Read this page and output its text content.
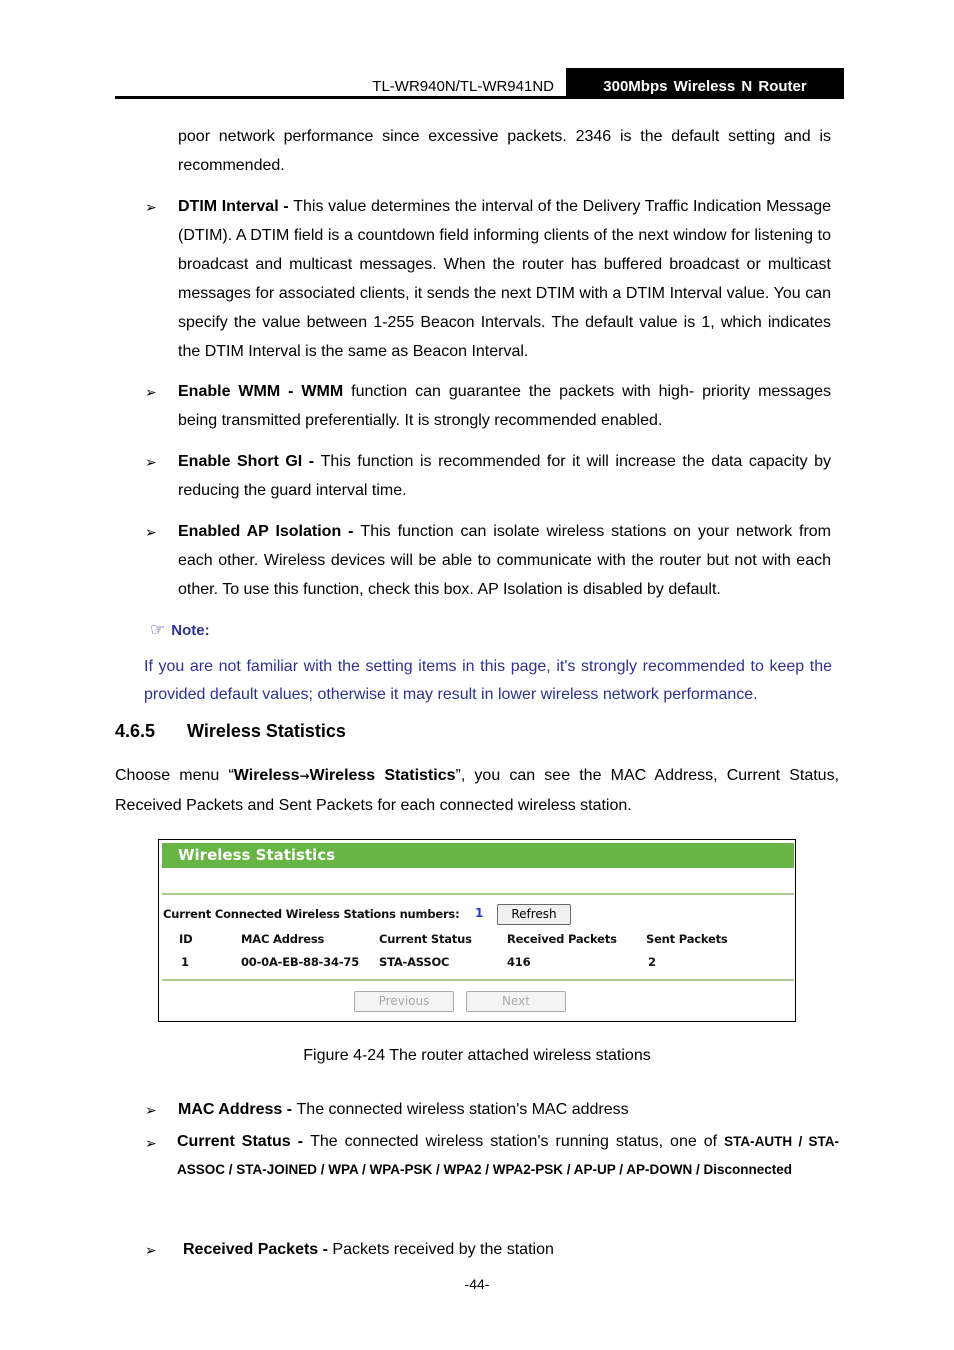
TL-WR940N/TL-WR941ND	300Mbps Wireless N Router
poor network performance since excessive packets. 2346 is the default setting and is recommended.
➢ DTIM Interval - This value determines the interval of the Delivery Traffic Indication Message (DTIM). A DTIM field is a countdown field informing clients of the next window for listening to broadcast and multicast messages. When the router has buffered broadcast or multicast messages for associated clients, it sends the next DTIM with a DTIM Interval value. You can specify the value between 1-255 Beacon Intervals. The default value is 1, which indicates the DTIM Interval is the same as Beacon Interval.
➢ Enable WMM - WMM function can guarantee the packets with high- priority messages being transmitted preferentially. It is strongly recommended enabled.
➢ Enable Short GI - This function is recommended for it will increase the data capacity by reducing the guard interval time.
➢ Enabled AP Isolation - This function can isolate wireless stations on your network from each other. Wireless devices will be able to communicate with the router but not with each other. To use this function, check this box. AP Isolation is disabled by default.
☞ Note:
If you are not familiar with the setting items in this page, it's strongly recommended to keep the provided default values; otherwise it may result in lower wireless network performance.
4.6.5 Wireless Statistics
Choose menu “Wireless→Wireless Statistics”, you can see the MAC Address, Current Status, Received Packets and Sent Packets for each connected wireless station.
Wireless Statistics
Current Connected Wireless Stations numbers: 1	Refresh
ID	MAC Address	Current Status	Received Packets	Sent Packets
1	00-0A-EB-88-34-75 STA-ASSOC	416	2
Previous	Next
Figure 4-24 The router attached wireless stations
➢ MAC Address - The connected wireless station's MAC address
➢ Current Status - The connected wireless station's running status, one of STA-AUTH / STA-ASSOC / STA-JOINED / WPA / WPA-PSK / WPA2 / WPA2-PSK / AP-UP / AP-DOWN / Disconnected
➢ Received Packets - Packets received by the station
-44-
